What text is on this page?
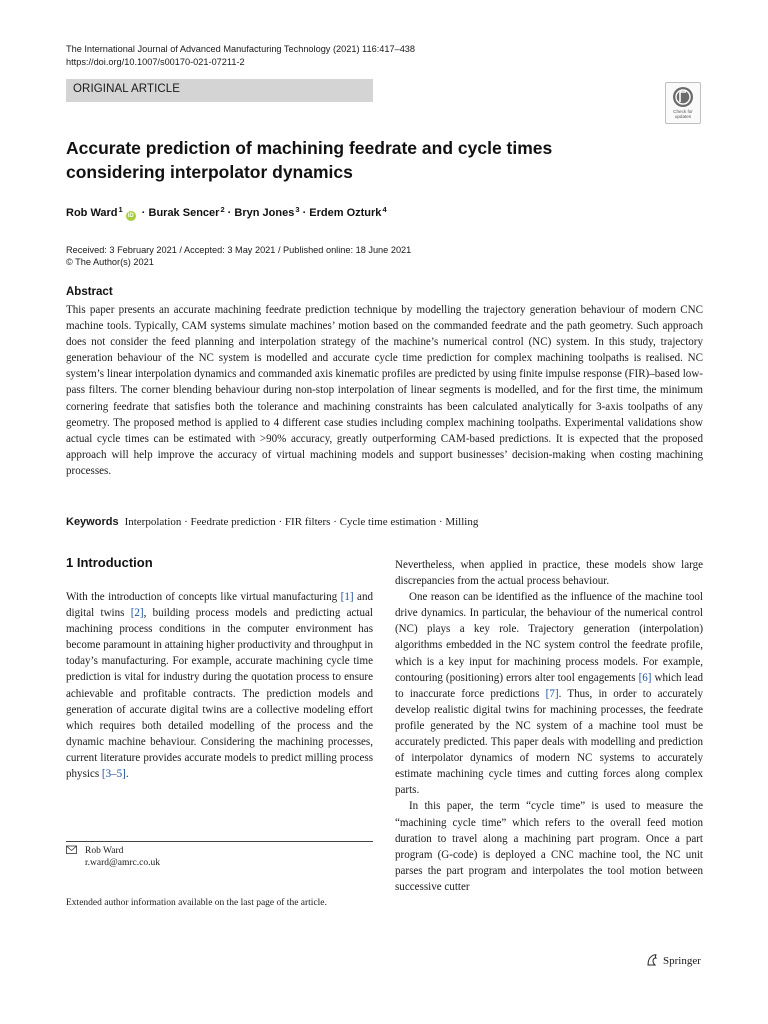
The International Journal of Advanced Manufacturing Technology (2021) 116:417–438
https://doi.org/10.1007/s00170-021-07211-2
ORIGINAL ARTICLE
Check for updates
Accurate prediction of machining feedrate and cycle times considering interpolator dynamics
Rob Ward$^1$iD · Burak Sencer$^2$ · Bryn Jones$^3$ · Erdem Ozturk$^4$
Received: 3 February 2021 / Accepted: 3 May 2021 / Published online: 18 June 2021
© The Author(s) 2021
Abstract
This paper presents an accurate machining feedrate prediction technique by modelling the trajectory generation behaviour of modern CNC machine tools. Typically, CAM systems simulate machines’ motion based on the commanded feedrate and the path geometry. Such approach does not consider the feed planning and interpolation strategy of the machine’s numerical control (NC) system. In this study, trajectory generation behaviour of the NC system is modelled and accurate cycle time prediction for complex machining toolpaths is realised. NC system’s linear interpolation dynamics and commanded axis kinematic profiles are predicted by using finite impulse response (FIR)–based low-pass filters. The corner blending behaviour during non-stop interpolation of linear segments is modelled, and for the first time, the minimum cornering feedrate that satisfies both the tolerance and machining constraints has been calculated analytically for 3-axis toolpaths of any geometry. The proposed method is applied to 4 different case studies including complex machining toolpaths. Experimental validations show actual cycle times can be estimated with >90% accuracy, greatly outperforming CAM-based predictions. It is expected that the proposed approach will help improve the accuracy of virtual machining models and support businesses’ decision-making when costing machining processes.
Keywords Interpolation · Feedrate prediction · FIR filters · Cycle time estimation · Milling
1 Introduction

With the introduction of concepts like virtual manufacturing [1] and digital twins [2], building process models and predicting actual machining process conditions in the computer environment has become paramount in attaining higher productivity and throughput in today’s manufacturing. For example, accurate machining cycle time prediction is vital for industry during the quotation process to ensure achievable and profitable contracts. The prediction models and generation of accurate digital twins are a collective modeling effort which requires both detailed modelling of the process and the dynamic machine behaviour. Considering the machining processes, current literature provides accurate models to predict milling process physics [3–5].

Nevertheless, when applied in practice, these models show large discrepancies from the actual process behaviour.

One reason can be identified as the influence of the machine tool drive dynamics. In particular, the behaviour of the numerical control (NC) plays a key role. Trajectory generation (interpolation) algorithms embedded in the NC system control the feedrate profile, which is a key input for machining process models. For example, contouring (positioning) errors alter tool engagements [6] which lead to inaccurate force predictions [7]. Thus, in order to accurately develop realistic digital twins for machining processes, the feedrate profile generated by the NC system of a machine tool must be accurately predicted. This paper deals with modelling and prediction of interpolator dynamics of modern NC systems to accurately estimate machining cycle times and cutting forces along complex parts.

In this paper, the term “cycle time” is used to measure the “machining cycle time” which refers to the overall feed motion duration to travel along a machining part program. Once a part program (G-code) is deployed a CNC machine tool, the NC unit parses the part program and interpolates the tool motion between successive cutter

Rob Ward
r.ward@amrc.co.uk
Extended author information available on the last page of the article.
Springer
